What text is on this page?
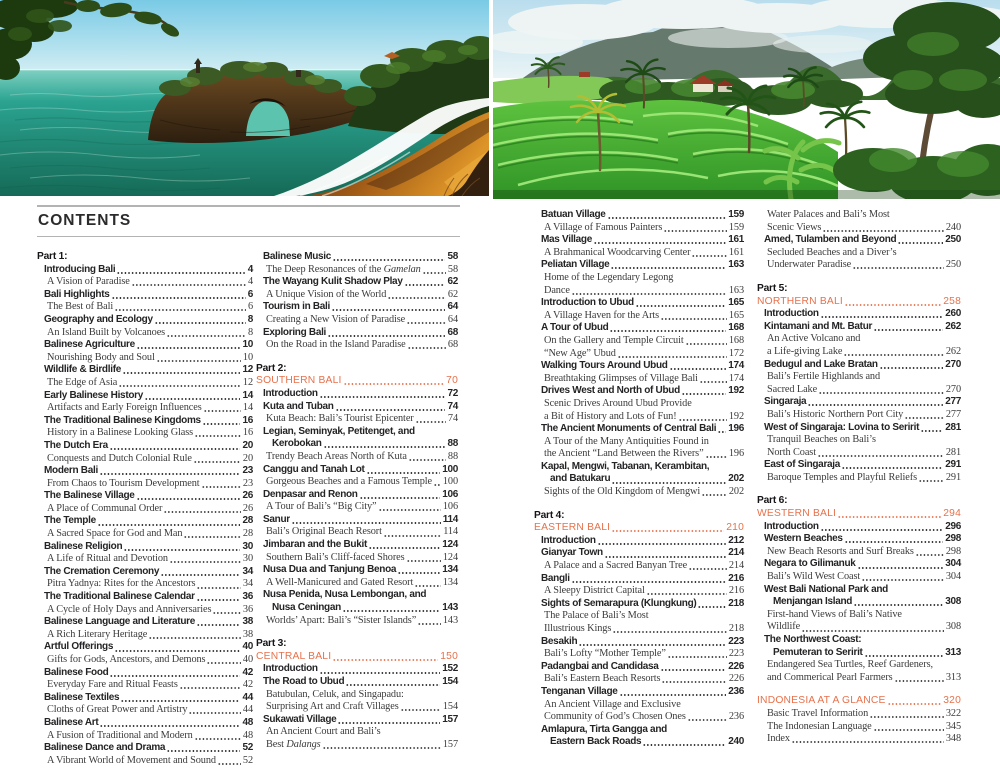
CONTENTS
Part 1:
Introducing Bali	4
A Vision of Paradise	4
Bali Highlights	6
The Best of Bali	6
Geography and Ecology	8
An Island Built by Volcanoes	8
Balinese Agriculture	10
Nourishing Body and Soul	10
Wildlife & Birdlife	12
The Edge of Asia	12
Early Balinese History	14
Artifacts and Early Foreign Influences	14
The Traditional Balinese Kingdoms	16
History in a Balinese Looking Glass	16
The Dutch Era	20
Conquests and Dutch Colonial Rule	20
Modern Bali	23
From Chaos to Tourism Development	23
The Balinese Village	26
A Place of Communal Order	26
The Temple	28
A Sacred Space for God and Man	28
Balinese Religion	30
A Life of Ritual and Devotion	30
The Cremation Ceremony	34
Pitra Yadnya: Rites for the Ancestors	34
The Traditional Balinese Calendar	36
A Cycle of Holy Days and Anniversaries	36
Balinese Language and Literature	38
A Rich Literary Heritage	38
Artful Offerings	40
Gifts for Gods, Ancestors, and Demons	40
Balinese Food	42
Everyday Fare and Ritual Feasts	42
Balinese Textiles	44
Cloths of Great Power and Artistry	44
Balinese Art	48
A Fusion of Traditional and Modern	48
Balinese Dance and Drama	52
A Vibrant World of Movement and Sound	52
Balinese Music	58
The Deep Resonances of the Gamelan	58
The Wayang Kulit Shadow Play	62
A Unique Vision of the World	62
Tourism in Bali	64
Creating a New Vision of Paradise	64
Exploring Bali	68
On the Road in the Island Paradise	68
Part 2:
SOUTHERN BALI	70
Introduction	72
Kuta and Tuban	74
Kuta Beach: Bali’s Tourist Epicenter	74
Legian, Seminyak, Petitenget, and
Kerobokan	88
Trendy Beach Areas North of Kuta	88
Canggu and Tanah Lot	100
Gorgeous Beaches and a Famous Temple 100
Denpasar and Renon	106
A Tour of Bali’s “Big City”	106
Sanur	114
Bali’s Original Beach Resort	114
Jimbaran and the Bukit	124
Southern Bali’s Cliff-faced Shores	124
Nusa Dua and Tanjung Benoa	134
A Well-Manicured and Gated Resort	134
Nusa Penida, Nusa Lembongan, and
Nusa Ceningan	143
Worlds’ Apart: Bali’s “Sister Islands”	143
Part 3:
CENTRAL BALI	150
Introduction	152
The Road to Ubud	154
Batubulan, Celuk, and Singapadu:
Surprising Art and Craft Villages	154
Sukawati Village	157
An Ancient Court and Bali’s
Best Dalangs	157
Batuan Village	159
A Village of Famous Painters	159
Mas Village	161
A Brahmanical Woodcarving Center	161
Peliatan Village	163
Home of the Legendary Legong
Dance	163
Introduction to Ubud	165
A Village Haven for the Arts	165
A Tour of Ubud	168
On the Gallery and Temple Circuit	168
“New Age” Ubud	172
Walking Tours Around Ubud	174
Breathtaking Glimpses of Village Bali	174
Drives West and North of Ubud	192
Scenic Drives Around Ubud Provide
a Bit of History and Lots of Fun!	192
The Ancient Monuments of Central Bali 196
A Tour of the Many Antiquities Found in
the Ancient “Land Between the Rivers” 196
Kapal, Mengwi, Tabanan, Kerambitan,
and Batukaru	202
Sights of the Old Kingdom of Mengwi	202
Part 4:
EASTERN BALI	210
Introduction	212
Gianyar Town	214
A Palace and a Sacred Banyan Tree	214
Bangli	216
A Sleepy District Capital	216
Sights of Semarapura (Klungkung)	218
The Palace of Bali’s Most
Illustrious Kings	218
Besakih	223
Bali’s Lofty “Mother Temple”	223
Padangbai and Candidasa	226
Bali’s Eastern Beach Resorts	226
Tenganan Village	236
An Ancient Village and Exclusive
Community of God’s Chosen Ones	236
Amlapura, Tirta Gangga and
Eastern Back Roads	240
Water Palaces and Bali’s Most
Scenic Views	240
Amed, Tulamben and Beyond	250
Secluded Beaches and a Diver’s
Underwater Paradise	250
Part 5:
NORTHERN BALI	258
Introduction	260
Kintamani and Mt. Batur	262
An Active Volcano and
a Life-giving Lake	262
Bedugul and Lake Bratan	270
Bali’s Fertile Highlands and
Sacred Lake	270
Singaraja	277
Bali’s Historic Northern Port City	277
West of Singaraja: Lovina to Seririt	281
Tranquil Beaches on Bali’s
North Coast	281
East of Singaraja	291
Baroque Temples and Playful Reliefs	291
Part 6:
WESTERN BALI	294
Introduction	296
Western Beaches	298
New Beach Resorts and Surf Breaks	298
Negara to Gilimanuk	304
Bali’s Wild West Coast	304
West Bali National Park and
Menjangan Island	308
First-hand Views of Bali’s Native
Wildlife	308
The Northwest Coast:
Pemuteran to Seririt	313
Endangered Sea Turtles, Reef Gardeners,
and Commerical Pearl Farmers	313
INDONESIA AT A GLANCE	320
Basic Travel Information	322
The Indonesian Language	345
Index	348
